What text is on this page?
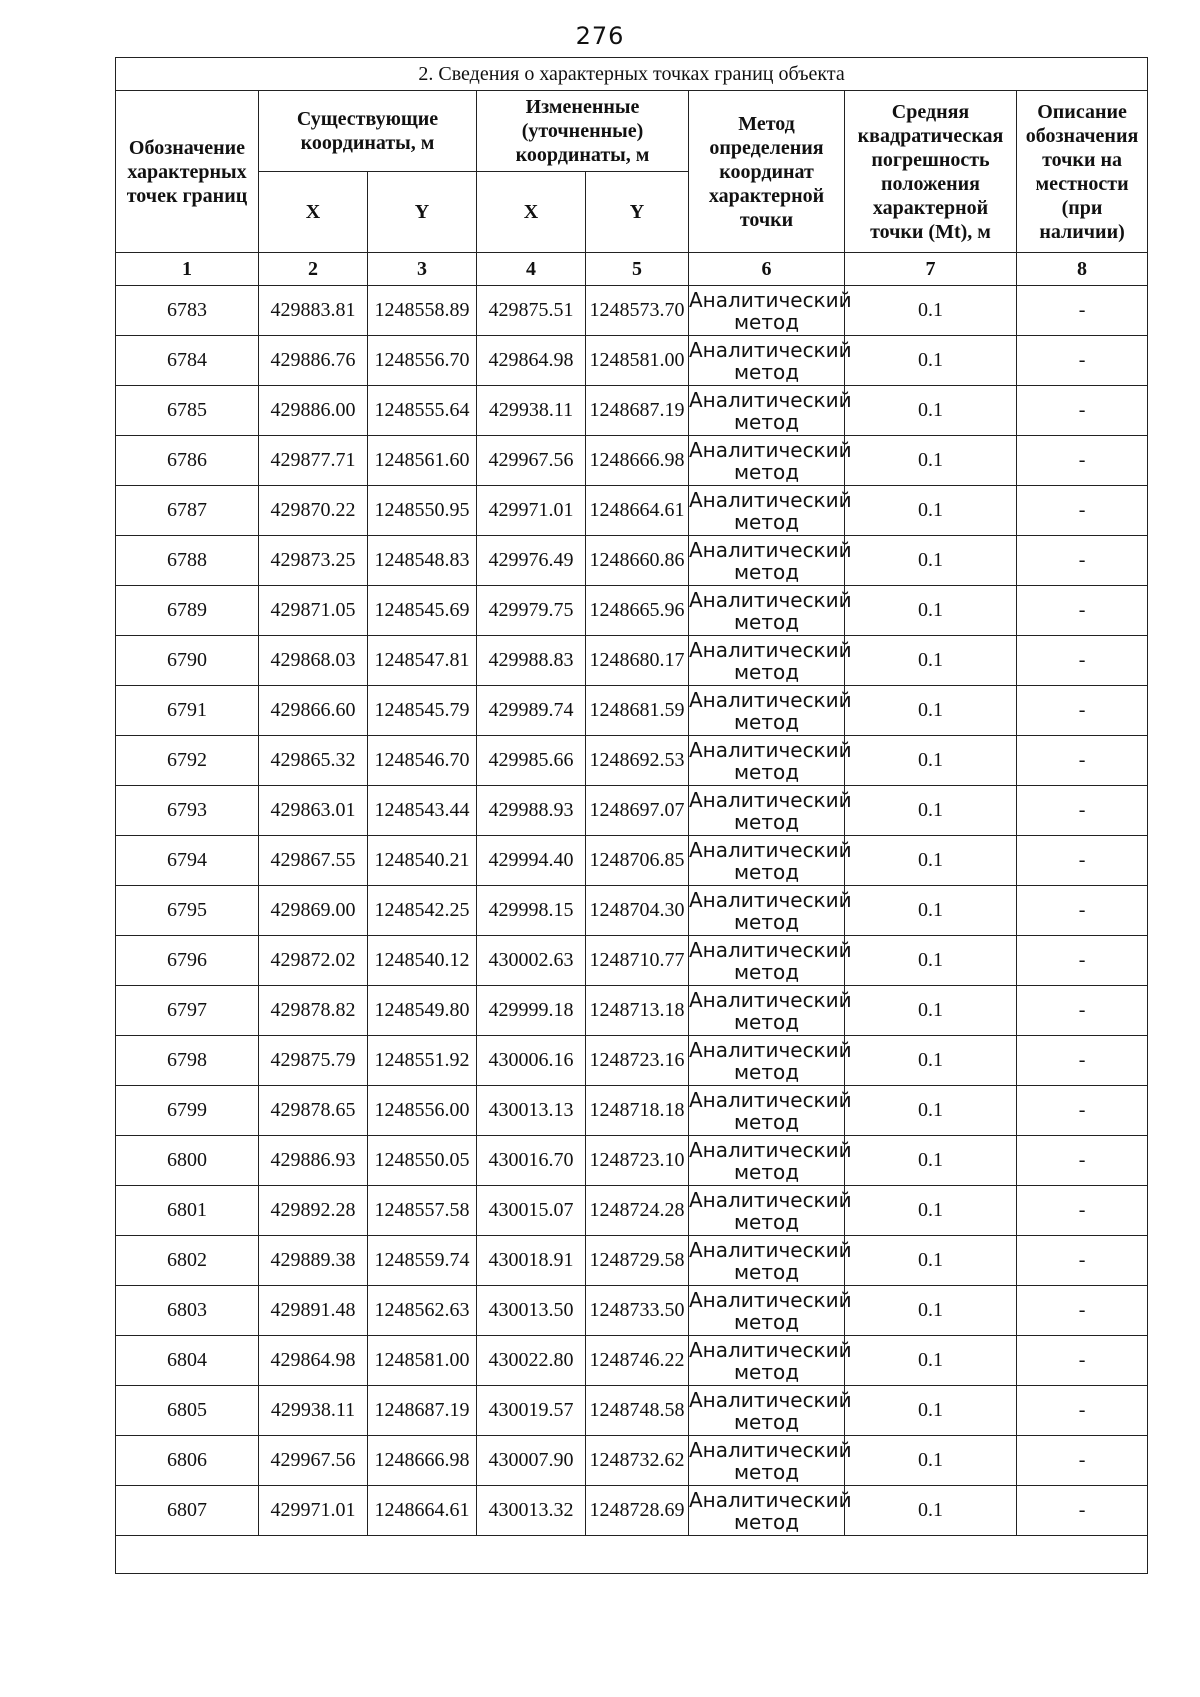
276
2. Сведения о характерных точках границ объекта							
Обозначение характерных точек границ	Существующие координаты, м		Измененные (уточненные) координаты, м		Метод определения координат характерной точки	Средняя квадратическая погрешность положения характерной точки (Mt), м	Описание обозначения точки на местности (при наличии)
	X	Y	X	Y			
1	2	3	4	5	6	7	8
6783	429883.81	1248558.89	429875.51	1248573.70	Аналитический метод	0.1	-
6784	429886.76	1248556.70	429864.98	1248581.00	Аналитический метод	0.1	-
6785	429886.00	1248555.64	429938.11	1248687.19	Аналитический метод	0.1	-
6786	429877.71	1248561.60	429967.56	1248666.98	Аналитический метод	0.1	-
6787	429870.22	1248550.95	429971.01	1248664.61	Аналитический метод	0.1	-
6788	429873.25	1248548.83	429976.49	1248660.86	Аналитический метод	0.1	-
6789	429871.05	1248545.69	429979.75	1248665.96	Аналитический метод	0.1	-
6790	429868.03	1248547.81	429988.83	1248680.17	Аналитический метод	0.1	-
6791	429866.60	1248545.79	429989.74	1248681.59	Аналитический метод	0.1	-
6792	429865.32	1248546.70	429985.66	1248692.53	Аналитический метод	0.1	-
6793	429863.01	1248543.44	429988.93	1248697.07	Аналитический метод	0.1	-
6794	429867.55	1248540.21	429994.40	1248706.85	Аналитический метод	0.1	-
6795	429869.00	1248542.25	429998.15	1248704.30	Аналитический метод	0.1	-
6796	429872.02	1248540.12	430002.63	1248710.77	Аналитический метод	0.1	-
6797	429878.82	1248549.80	429999.18	1248713.18	Аналитический метод	0.1	-
6798	429875.79	1248551.92	430006.16	1248723.16	Аналитический метод	0.1	-
6799	429878.65	1248556.00	430013.13	1248718.18	Аналитический метод	0.1	-
6800	429886.93	1248550.05	430016.70	1248723.10	Аналитический метод	0.1	-
6801	429892.28	1248557.58	430015.07	1248724.28	Аналитический метод	0.1	-
6802	429889.38	1248559.74	430018.91	1248729.58	Аналитический метод	0.1	-
6803	429891.48	1248562.63	430013.50	1248733.50	Аналитический метод	0.1	-
6804	429864.98	1248581.00	430022.80	1248746.22	Аналитический метод	0.1	-
6805	429938.11	1248687.19	430019.57	1248748.58	Аналитический метод	0.1	-
6806	429967.56	1248666.98	430007.90	1248732.62	Аналитический метод	0.1	-
6807	429971.01	1248664.61	430013.32	1248728.69	Аналитический метод	0.1	-
